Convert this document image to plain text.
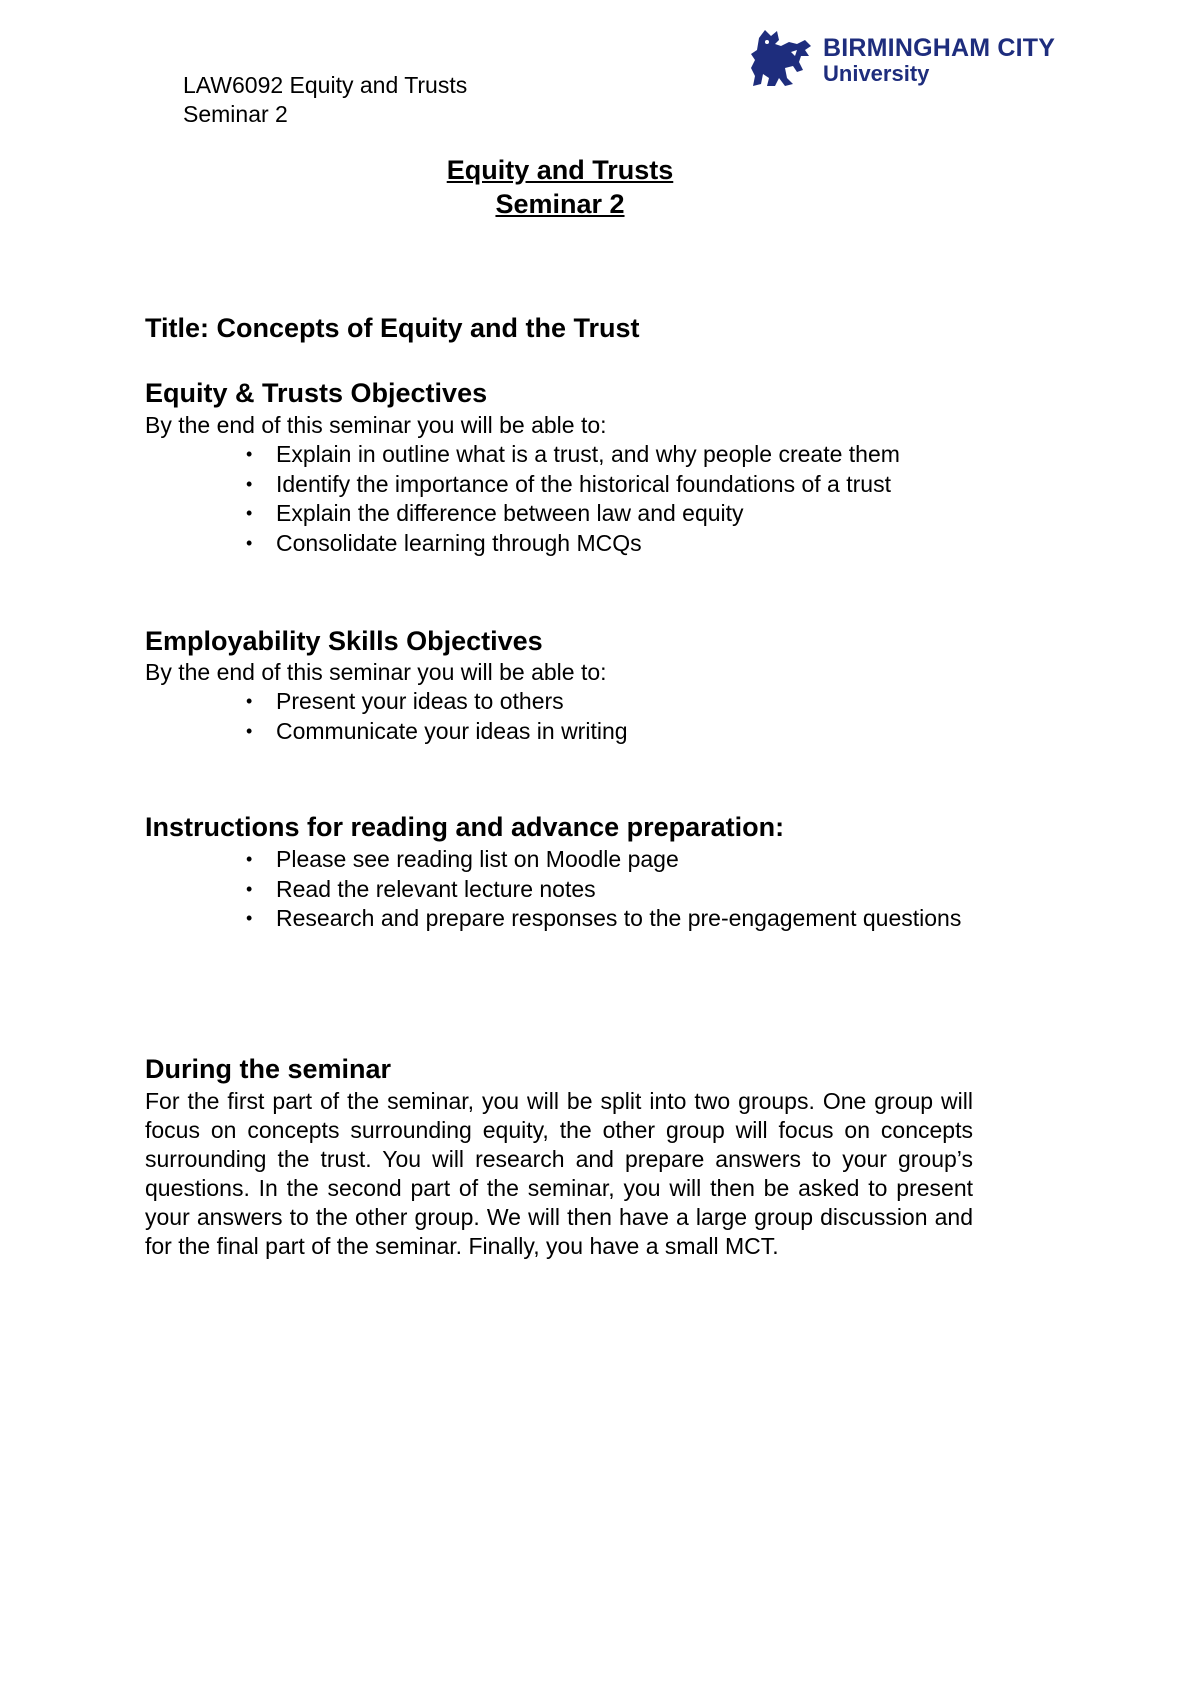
LAW6092 Equity and Trusts
Seminar 2
BIRMINGHAM CITY
University
Equity and Trusts
Seminar 2
Title: Concepts of Equity and the Trust
Equity & Trusts Objectives
By the end of this seminar you will be able to:
• Explain in outline what is a trust, and why people create them
• Identify the importance of the historical foundations of a trust
• Explain the difference between law and equity
• Consolidate learning through MCQs
Employability Skills Objectives
By the end of this seminar you will be able to:
• Present your ideas to others
• Communicate your ideas in writing
Instructions for reading and advance preparation:
• Please see reading list on Moodle page
• Read the relevant lecture notes
• Research and prepare responses to the pre-engagement questions
During the seminar
For the first part of the seminar, you will be split into two groups. One group will focus on concepts surrounding equity, the other group will focus on concepts surrounding the trust. You will research and prepare answers to your group’s questions. In the second part of the seminar, you will then be asked to present your answers to the other group. We will then have a large group discussion and for the final part of the seminar. Finally, you have a small MCT.
